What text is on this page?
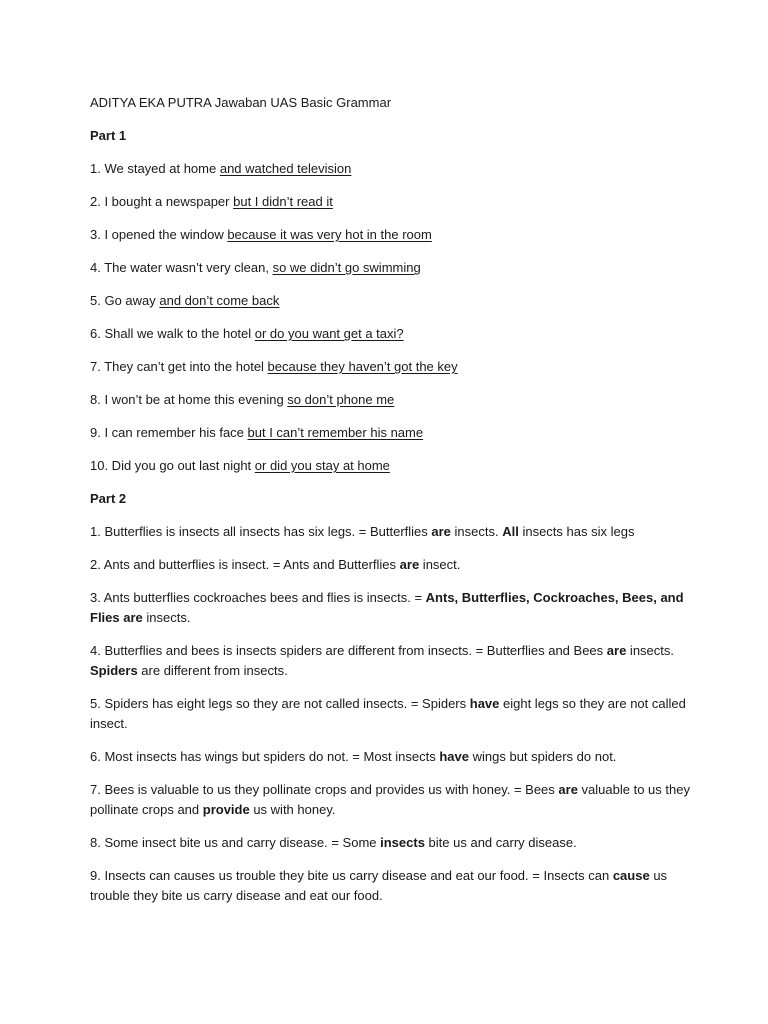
ADITYA EKA PUTRA Jawaban UAS Basic Grammar

Part 1

1. We stayed at home and watched television

2. I bought a newspaper but I didn’t read it

3. I opened the window because it was very hot in the room

4. The water wasn’t very clean, so we didn’t go swimming

5. Go away and don’t come back

6. Shall we walk to the hotel or do you want get a taxi?

7. They can’t get into the hotel because they haven’t got the key

8. I won’t be at home this evening so don’t phone me

9. I can remember his face but I can’t remember his name

10. Did you go out last night or did you stay at home

Part 2

1. Butterflies is insects all insects has six legs. = Butterflies are insects. All insects has six legs

2. Ants and butterflies is insect. = Ants and Butterflies are insect.

3. Ants butterflies cockroaches bees and flies is insects. = Ants, Butterflies, Cockroaches, Bees, and Flies are insects.

4. Butterflies and bees is insects spiders are different from insects. = Butterflies and Bees are insects. Spiders are different from insects.

5. Spiders has eight legs so they are not called insects. = Spiders have eight legs so they are not called insect.

6. Most insects has wings but spiders do not. = Most insects have wings but spiders do not.

7. Bees is valuable to us they pollinate crops and provides us with honey. = Bees are valuable to us they pollinate crops and provide us with honey.

8. Some insect bite us and carry disease. = Some insects bite us and carry disease.

9. Insects can causes us trouble they bite us carry disease and eat our food. = Insects can cause us trouble they bite us carry disease and eat our food.
